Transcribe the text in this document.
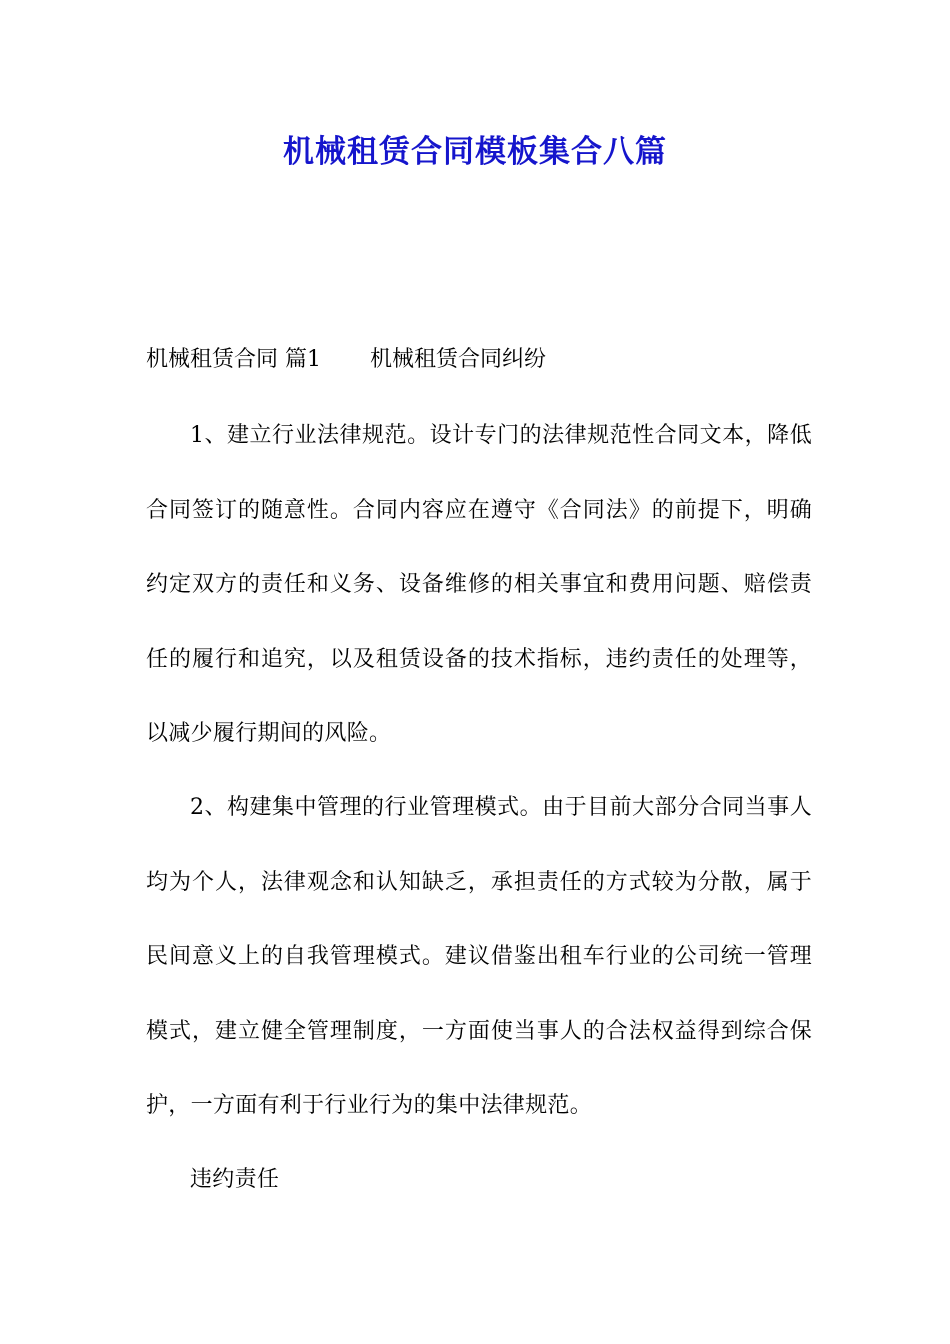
机械租赁合同模板集合八篇
机械租赁合同 篇1 机械租赁合同纠纷

1、建立行业法律规范。设计专门的法律规范性合同文本，降低合同签订的随意性。合同内容应在遵守《合同法》的前提下，明确约定双方的责任和义务、设备维修的相关事宜和费用问题、赔偿责任的履行和追究，以及租赁设备的技术指标，违约责任的处理等，以减少履行期间的风险。

2、构建集中管理的行业管理模式。由于目前大部分合同当事人均为个人，法律观念和认知缺乏，承担责任的方式较为分散，属于民间意义上的自我管理模式。建议借鉴出租车行业的公司统一管理模式，建立健全管理制度，一方面使当事人的合法权益得到综合保护，一方面有利于行业行为的集中法律规范。

违约责任
